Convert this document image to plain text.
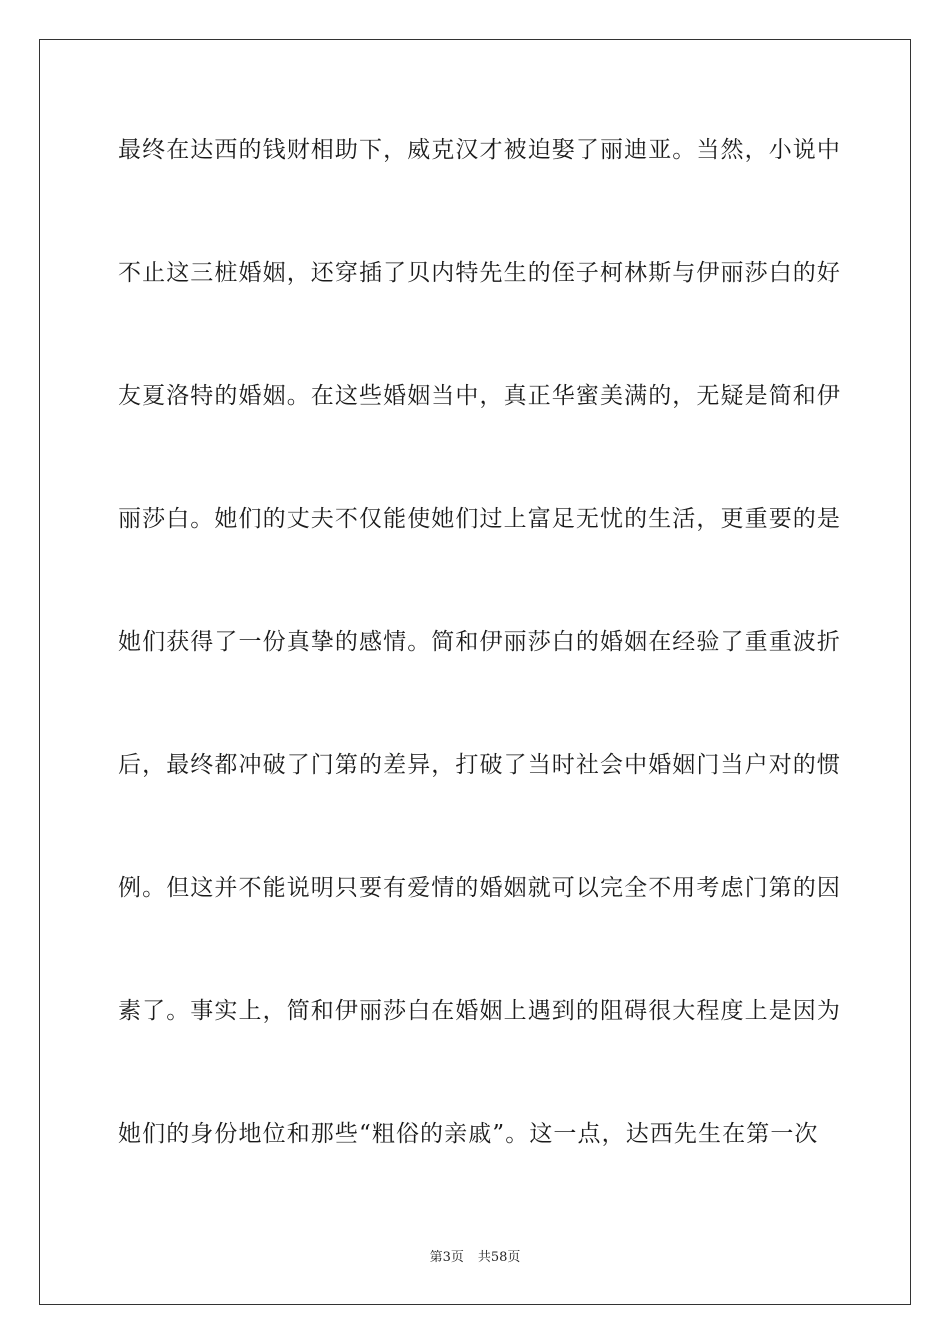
最终在达西的钱财相助下，威克汉才被迫娶了丽迪亚。当然，小说中
不止这三桩婚姻，还穿插了贝内特先生的侄子柯林斯与伊丽莎白的好
友夏洛特的婚姻。在这些婚姻当中，真正华蜜美满的，无疑是简和伊
丽莎白。她们的丈夫不仅能使她们过上富足无忧的生活，更重要的是
她们获得了一份真挚的感情。简和伊丽莎白的婚姻在经验了重重波折
后，最终都冲破了门第的差异，打破了当时社会中婚姻门当户对的惯
例。但这并不能说明只要有爱情的婚姻就可以完全不用考虑门第的因
素了。事实上，简和伊丽莎白在婚姻上遇到的阻碍很大程度上是因为
她们的身份地位和那些“粗俗的亲戚”。这一点，达西先生在第一次
第3页 共58页
